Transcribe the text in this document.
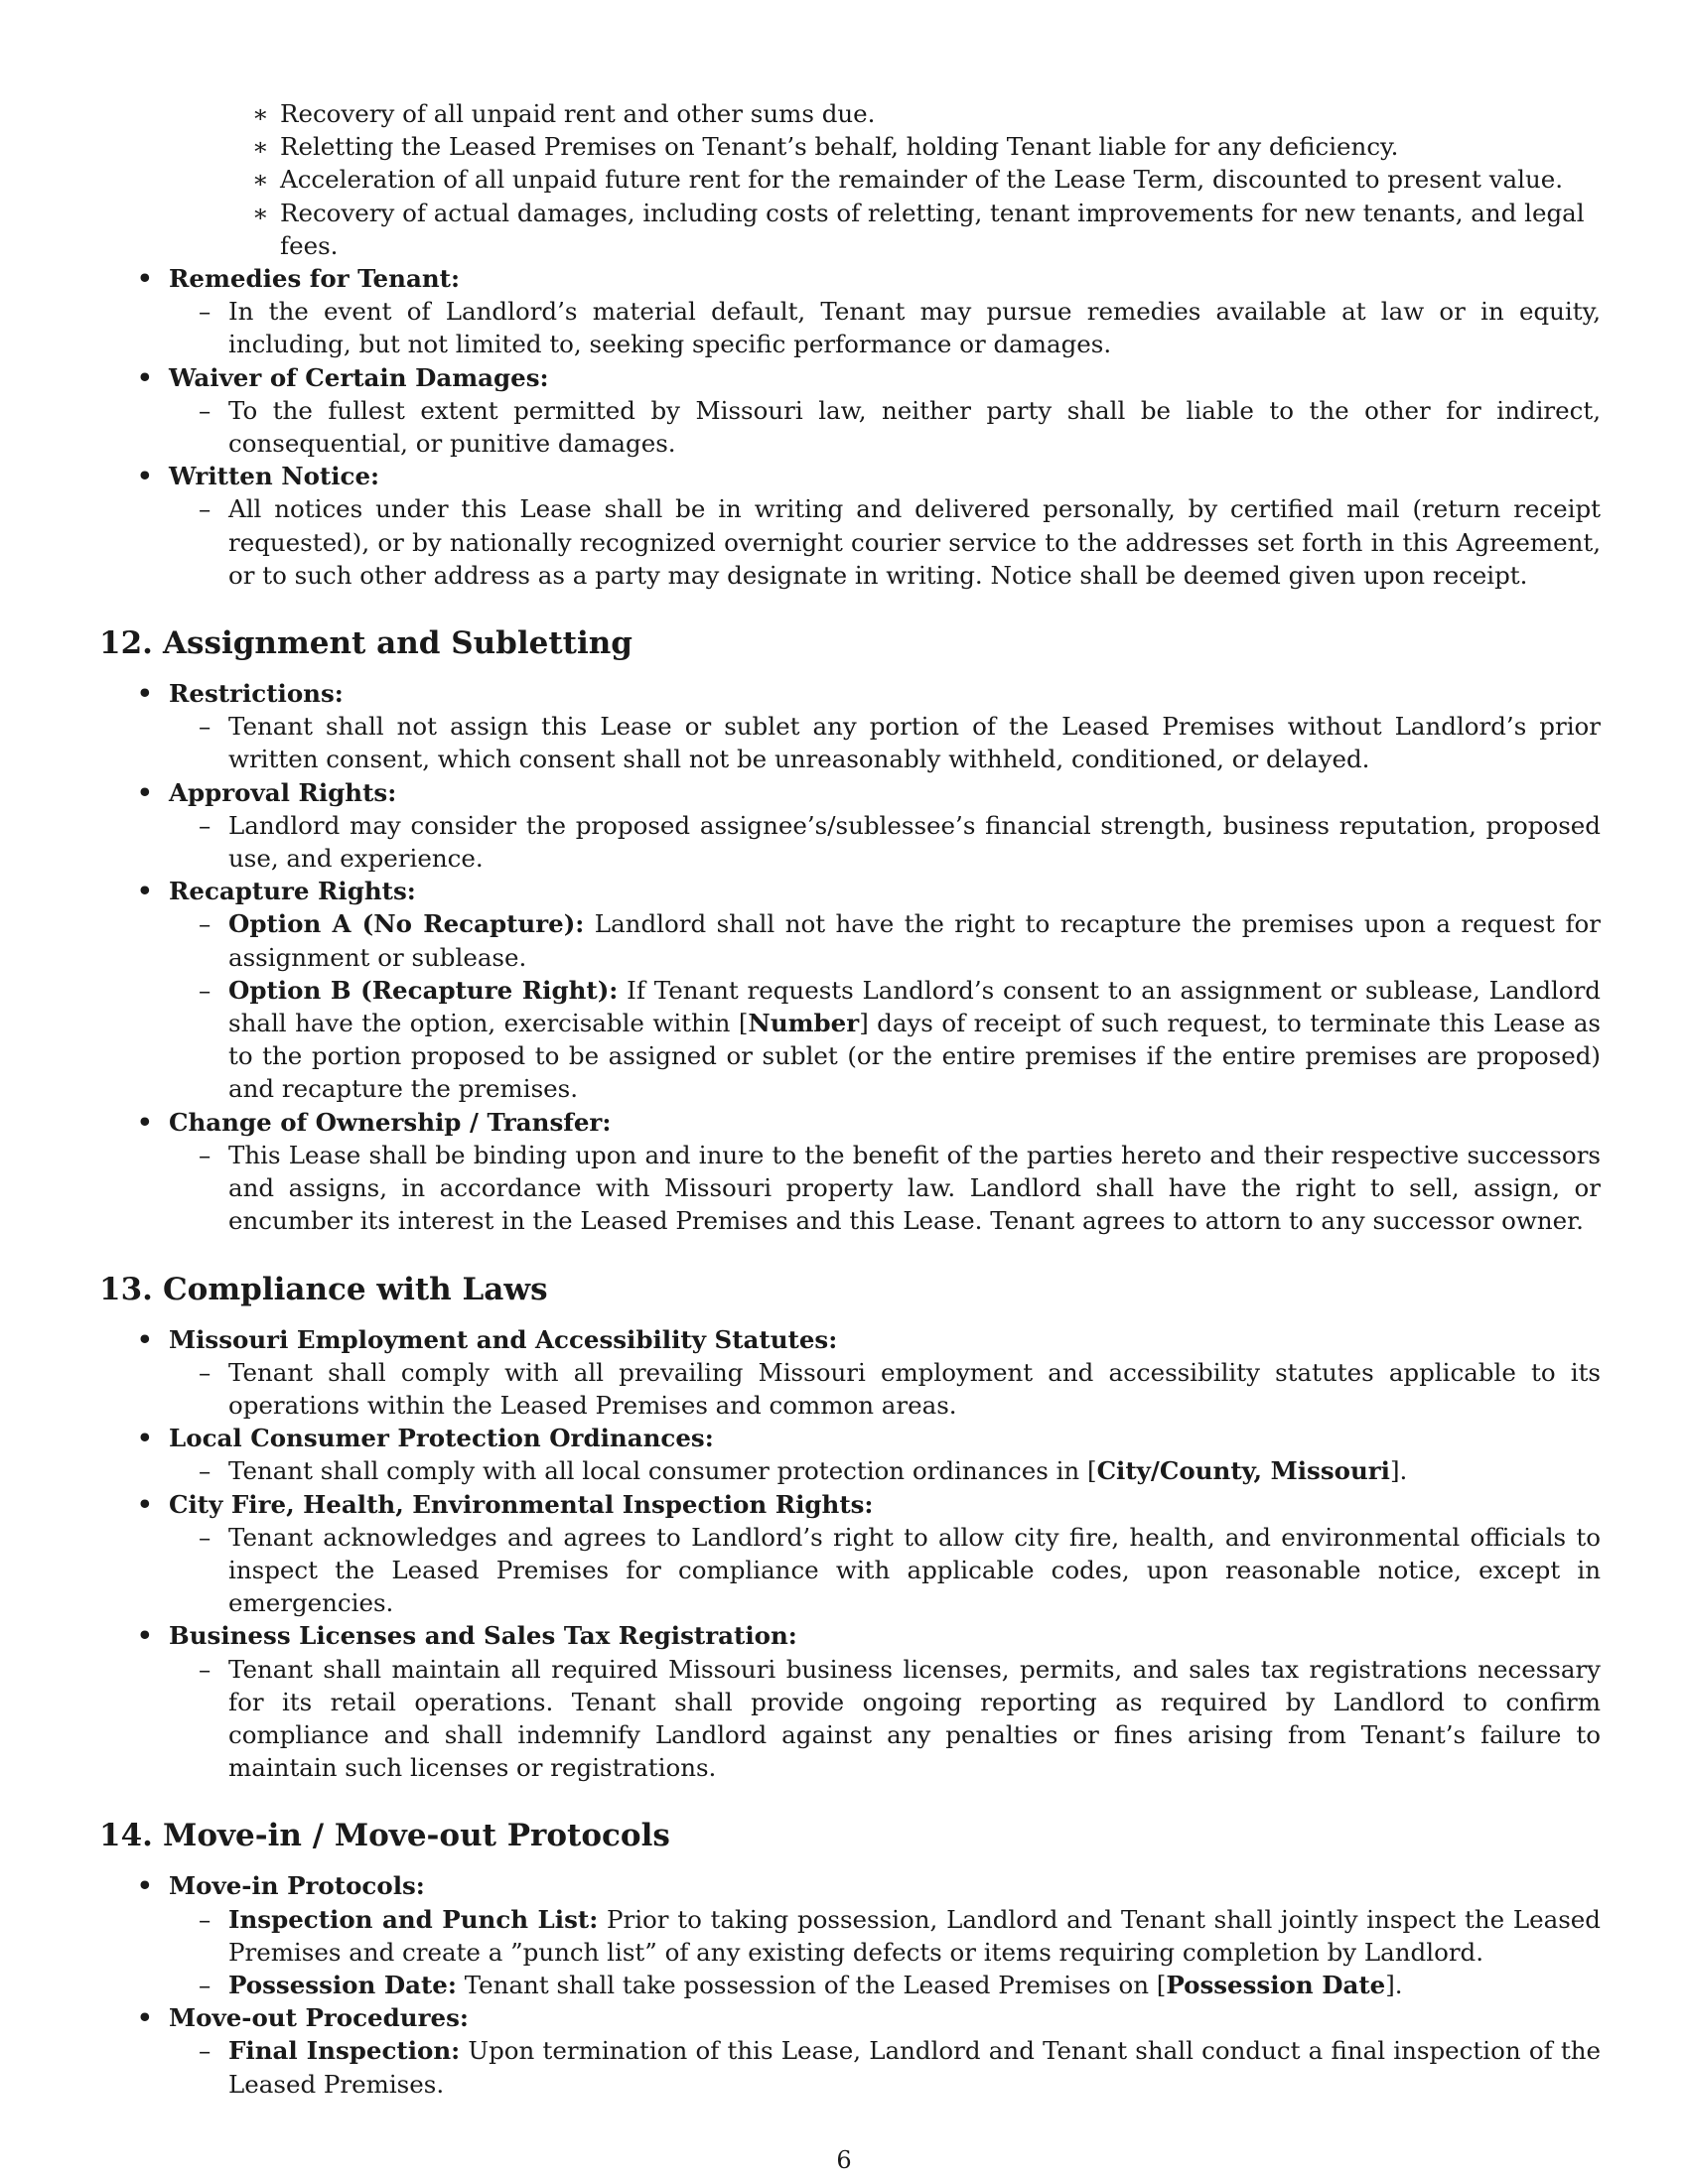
∗ Recovery of all unpaid rent and other sums due.
∗ Reletting the Leased Premises on Tenant’s behalf, holding Tenant liable for any deficiency.
∗ Acceleration of all unpaid future rent for the remainder of the Lease Term, discounted to present value.
∗ Recovery of actual damages, including costs of reletting, tenant improvements for new tenants, and legal fees.
• Remedies for Tenant:
– In the event of Landlord’s material default, Tenant may pursue remedies available at law or in equity, including, but not limited to, seeking specific performance or damages.
• Waiver of Certain Damages:
– To the fullest extent permitted by Missouri law, neither party shall be liable to the other for indirect, consequential, or punitive damages.
• Written Notice:
– All notices under this Lease shall be in writing and delivered personally, by certified mail (return receipt requested), or by nationally recognized overnight courier service to the addresses set forth in this Agreement, or to such other address as a party may designate in writing. Notice shall be deemed given upon receipt.
12. Assignment and Subletting
• Restrictions:
– Tenant shall not assign this Lease or sublet any portion of the Leased Premises without Landlord’s prior written consent, which consent shall not be unreasonably withheld, conditioned, or delayed.
• Approval Rights:
– Landlord may consider the proposed assignee’s/sublessee’s financial strength, business reputation, proposed use, and experience.
• Recapture Rights:
– Option A (No Recapture): Landlord shall not have the right to recapture the premises upon a request for assignment or sublease.
– Option B (Recapture Right): If Tenant requests Landlord’s consent to an assignment or sublease, Landlord shall have the option, exercisable within [Number] days of receipt of such request, to terminate this Lease as to the portion proposed to be assigned or sublet (or the entire premises if the entire premises are proposed) and recapture the premises.
• Change of Ownership / Transfer:
– This Lease shall be binding upon and inure to the benefit of the parties hereto and their respective successors and assigns, in accordance with Missouri property law. Landlord shall have the right to sell, assign, or encumber its interest in the Leased Premises and this Lease. Tenant agrees to attorn to any successor owner.
13. Compliance with Laws
• Missouri Employment and Accessibility Statutes:
– Tenant shall comply with all prevailing Missouri employment and accessibility statutes applicable to its operations within the Leased Premises and common areas.
• Local Consumer Protection Ordinances:
– Tenant shall comply with all local consumer protection ordinances in [City/County, Missouri].
• City Fire, Health, Environmental Inspection Rights:
– Tenant acknowledges and agrees to Landlord’s right to allow city fire, health, and environmental officials to inspect the Leased Premises for compliance with applicable codes, upon reasonable notice, except in emergencies.
• Business Licenses and Sales Tax Registration:
– Tenant shall maintain all required Missouri business licenses, permits, and sales tax registrations necessary for its retail operations. Tenant shall provide ongoing reporting as required by Landlord to confirm compliance and shall indemnify Landlord against any penalties or fines arising from Tenant’s failure to maintain such licenses or registrations.
14. Move-in / Move-out Protocols
• Move-in Protocols:
– Inspection and Punch List: Prior to taking possession, Landlord and Tenant shall jointly inspect the Leased Premises and create a ”punch list” of any existing defects or items requiring completion by Landlord.
– Possession Date: Tenant shall take possession of the Leased Premises on [Possession Date].
• Move-out Procedures:
– Final Inspection: Upon termination of this Lease, Landlord and Tenant shall conduct a final inspection of the Leased Premises.
6
